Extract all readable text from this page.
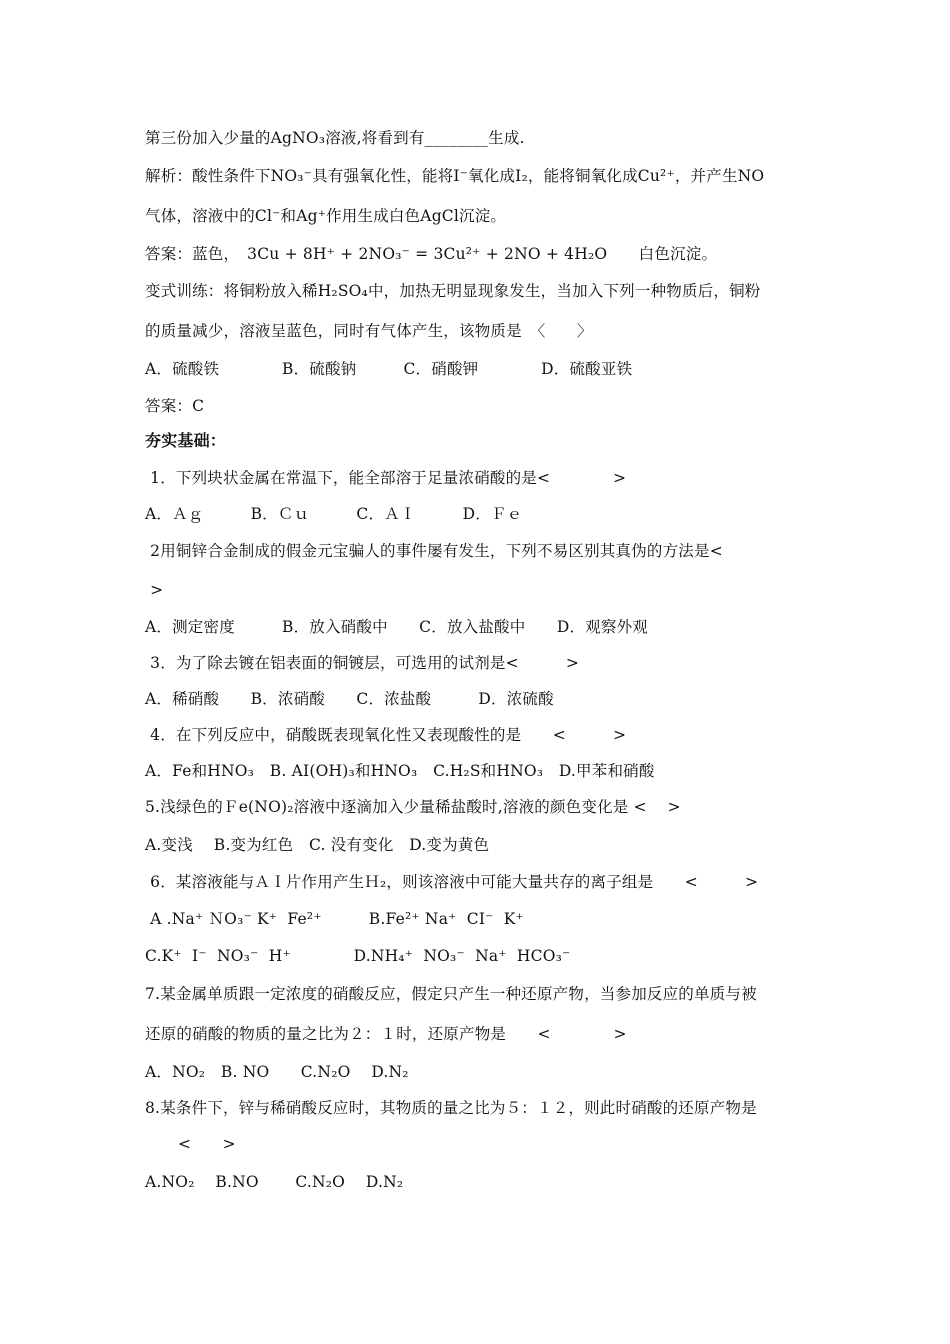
第三份加入少量的AgNO₃溶液,将看到有________生成.
解析：酸性条件下NO₃⁻具有强氧化性，能将I⁻氧化成I₂，能将铜氧化成Cu²⁺，并产生NO
气体，溶液中的Cl⁻和Ag⁺作用生成白色AgCl沉淀。
答案：蓝色，　3Cu + 8H⁺ + 2NO₃⁻ = 3Cu²⁺ + 2NO + 4H₂O　　白色沉淀。
变式训练：将铜粉放入稀H₂SO₄中，加热无明显现象发生，当加入下列一种物质后，铜粉
的质量减少，溶液呈蓝色，同时有气体产生，该物质是　〈　　〉
A．硫酸铁　　　　B．硫酸钠　　　C．硝酸钾　　　　D．硫酸亚铁
答案：C
夯实基础：
1．下列块状金属在常温下，能全部溶于足量浓硝酸的是<　　　　>
A．Ａｇ　　　B．Ｃｕ　　　C．ＡＩ　　　D．Ｆｅ
2用铜锌合金制成的假金元宝骗人的事件屡有发生，下列不易区别其真伪的方法是<
>
A．测定密度　　　B．放入硝酸中　　C．放入盐酸中　　D．观察外观
3．为了除去镀在铝表面的铜镀层，可选用的试剂是<　　　>
A．稀硝酸　　B．浓硝酸　　C．浓盐酸　　　D．浓硫酸
4．在下列反应中，硝酸既表现氧化性又表现酸性的是　　<　　　>
A．Fe和HNO₃　B. AI(OH)₃和HNO₃　C.H₂S和HNO₃　D.甲苯和硝酸
5.浅绿色的Ｆe(NO)₂溶液中逐滴加入少量稀盐酸时,溶液的颜色变化是 <　 >
A.变浅　 B.变为红色　C. 没有变化　D.变为黄色
6．某溶液能与ＡＩ片作用产生Ｈ₂，则该溶液中可能大量共存的离子组是　　<　　　>
A .Na⁺ ＮO₃⁻ K⁺  Fe²⁺　　　B.Fe²⁺ Na⁺  CI⁻  K⁺
C.K⁺  I⁻  NO₃⁻  H⁺　　　　D.NH₄⁺  NO₃⁻  Na⁺  HCO₃⁻
7.某金属单质跟一定浓度的硝酸反应，假定只产生一种还原产物，当参加反应的单质与被
还原的硝酸的物质的量之比为２：１时，还原产物是　　<　　　　>
A．NO₂　B. NO　　C.N₂O　 D.N₂
8.某条件下，锌与稀硝酸反应时，其物质的量之比为５：１２，则此时硝酸的还原产物是
<　　>
A.NO₂　 B.NO　　 C.N₂O　 D.N₂
